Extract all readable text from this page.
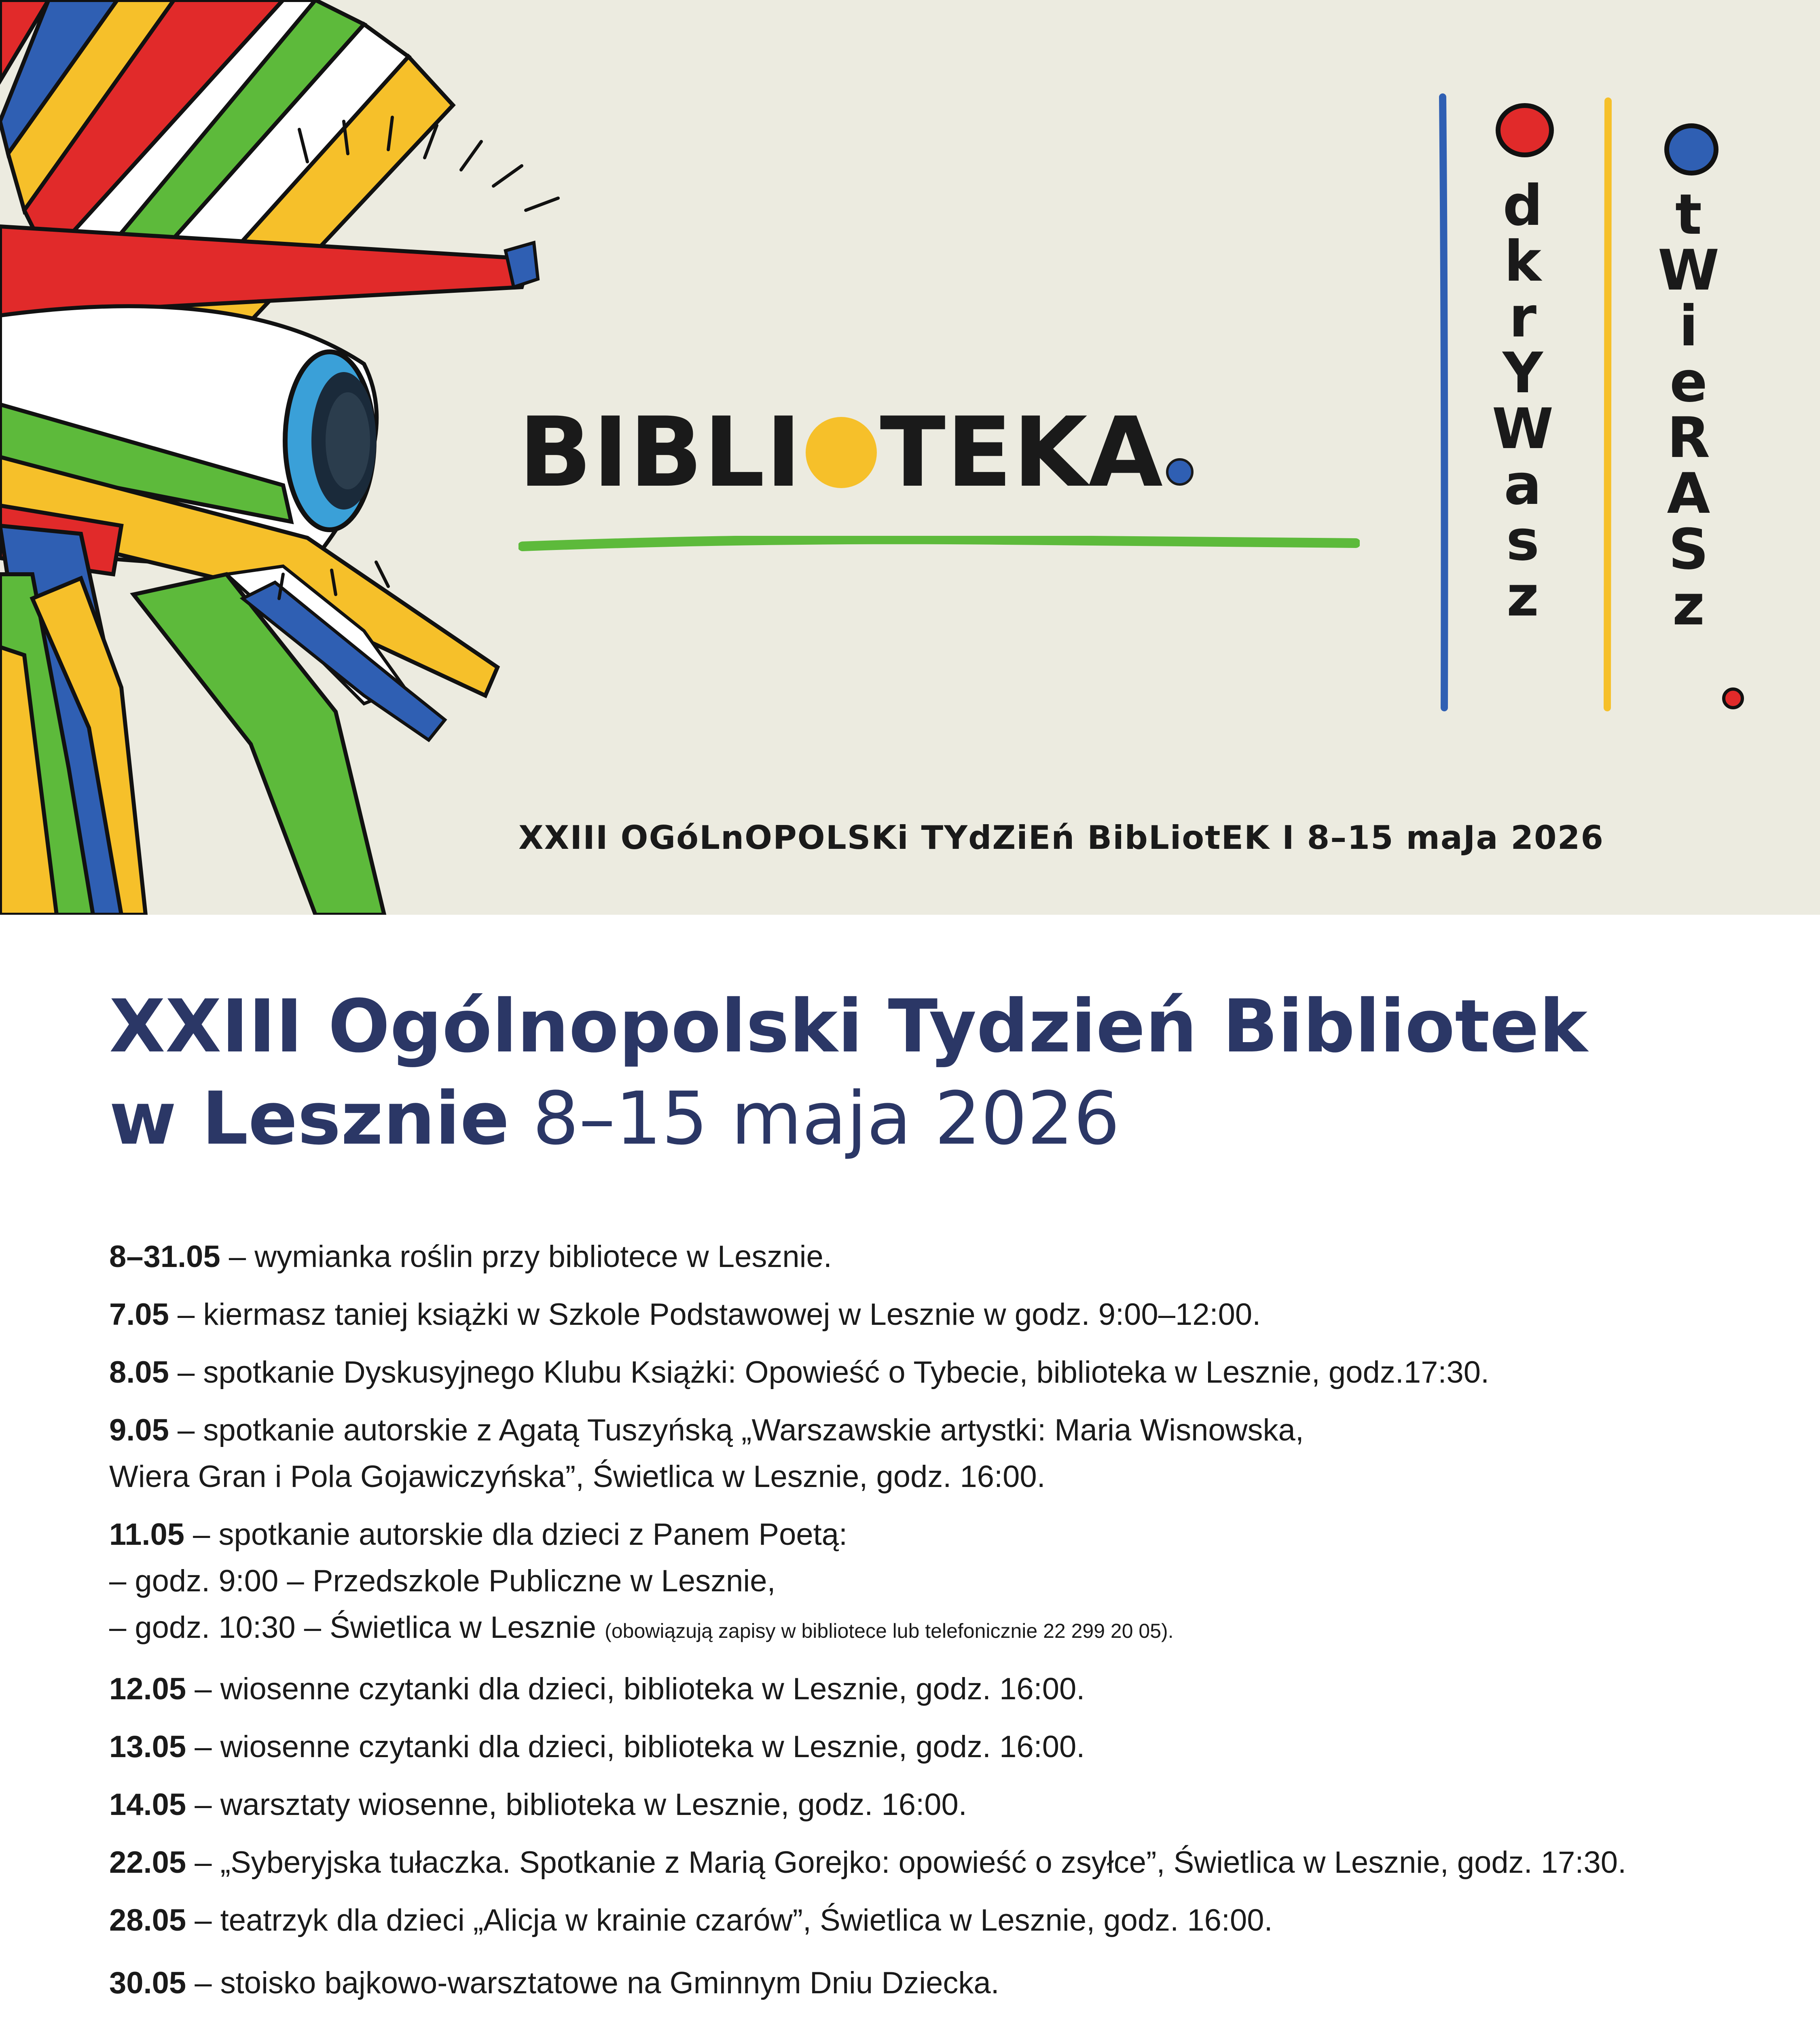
BIBLI TEKA
d
k
r
Y
W
a
s
z
t
W
i
e
R
A
S
z
XXIII OGóLnOPOLSKi TYdZiEń BibLiotEK I 8–15 maJa 2026
XXIII Ogólnopolski Tydzień Bibliotek
w Lesznie 8–15 maja 2026
8–31.05 – wymianka roślin przy bibliotece w Lesznie.
7.05 – kiermasz taniej książki w Szkole Podstawowej w Lesznie w godz. 9:00–12:00.
8.05 – spotkanie Dyskusyjnego Klubu Książki: Opowieść o Tybecie, biblioteka w Lesznie, godz.17:30.
9.05 – spotkanie autorskie z Agatą Tuszyńską „Warszawskie artystki: Maria Wisnowska,
Wiera Gran i Pola Gojawiczyńska”, Świetlica w Lesznie, godz. 16:00.
11.05 – spotkanie autorskie dla dzieci z Panem Poetą:
– godz. 9:00 – Przedszkole Publiczne w Lesznie,
– godz. 10:30 – Świetlica w Lesznie (obowiązują zapisy w bibliotece lub telefonicznie 22 299 20 05).
12.05 – wiosenne czytanki dla dzieci, biblioteka w Lesznie, godz. 16:00.
13.05 – wiosenne czytanki dla dzieci, biblioteka w Lesznie, godz. 16:00.
14.05 – warsztaty wiosenne, biblioteka w Lesznie, godz. 16:00.
22.05 – „Syberyjska tułaczka. Spotkanie z Marią Gorejko: opowieść o zsyłce”, Świetlica w Lesznie, godz. 17:30.
28.05 – teatrzyk dla dzieci „Alicja w krainie czarów”, Świetlica w Lesznie, godz. 16:00.
30.05 – stoisko bajkowo-warsztatowe na Gminnym Dniu Dziecka.
